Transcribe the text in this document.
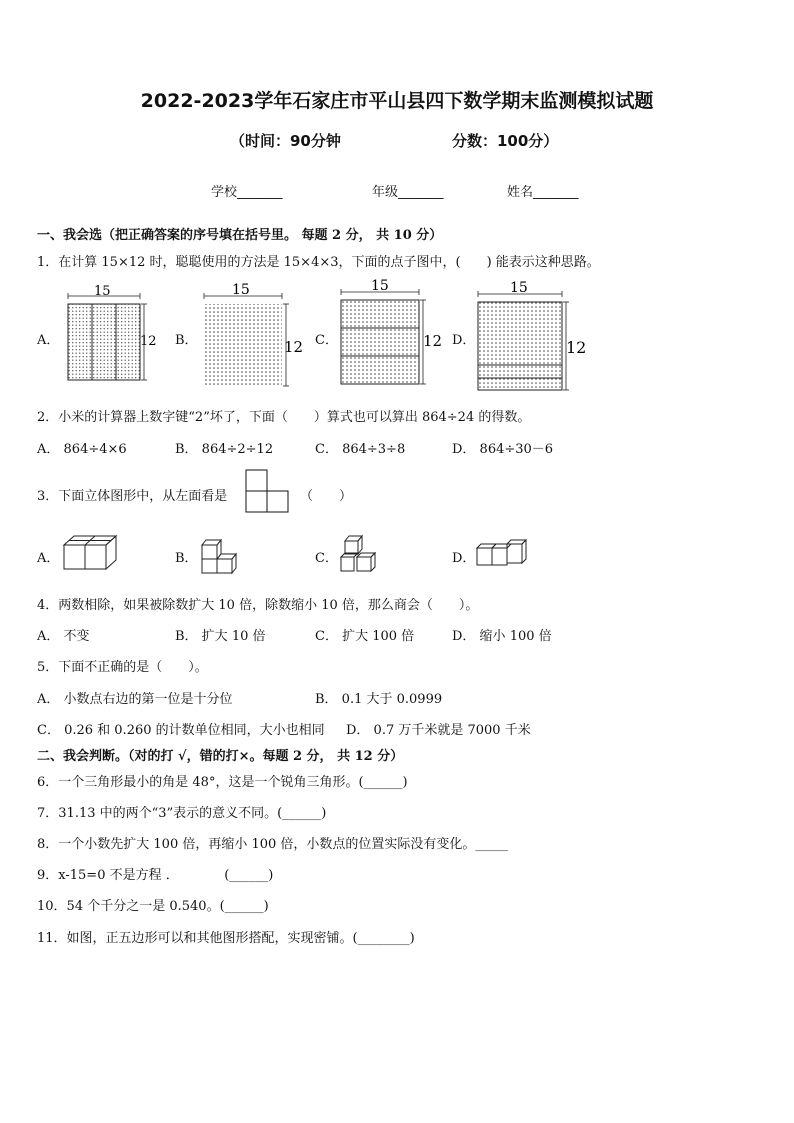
2022-2023学年石家庄市平山县四下数学期末监测模拟试题
（时间：90分钟	分数：100分）
学校_______	年级_______	姓名_______
一、我会选（把正确答案的序号填在括号里。 每题 2 分， 共 10 分）
1．在计算 15×12 时，聪聪使用的方法是 15×4×3，下面的点子图中，(　　) 能表示这种思路。
A．	B．	C．	D．
15
12
15
12
15
12
15
12
2．小米的计算器上数字键“2”坏了，下面（　　）算式也可以算出 864÷24 的得数。
A． 864÷4×6	B． 864÷2÷12	C． 864÷3÷8	D． 864÷30－6
3．下面立体图形中，从左面看是	（　　）
A．	B．	C．	D．
4．两数相除，如果被除数扩大 10 倍，除数缩小 10 倍，那么商会（　　）。
A． 不变	B． 扩大 10 倍	C． 扩大 100 倍	D． 缩小 100 倍
5．下面不正确的是（　　）。
A． 小数点右边的第一位是十分位	B． 0.1 大于 0.0999
C． 0.26 和 0.260 的计数单位相同，大小也相同 D． 0.7 万千米就是 7000 千米
二、我会判断。（对的打 √，错的打×。每题 2 分， 共 12 分）
6．一个三角形最小的角是 48°，这是一个锐角三角形。(______)
7．31.13 中的两个“3”表示的意义不同。(______)
8．一个小数先扩大 100 倍，再缩小 100 倍，小数点的位置实际没有变化。_____
9．x-15=0 不是方程 ．　　　　(______)
10．54 个千分之一是 0.540。(______)
11．如图，正五边形可以和其他图形搭配，实现密铺。(________)
